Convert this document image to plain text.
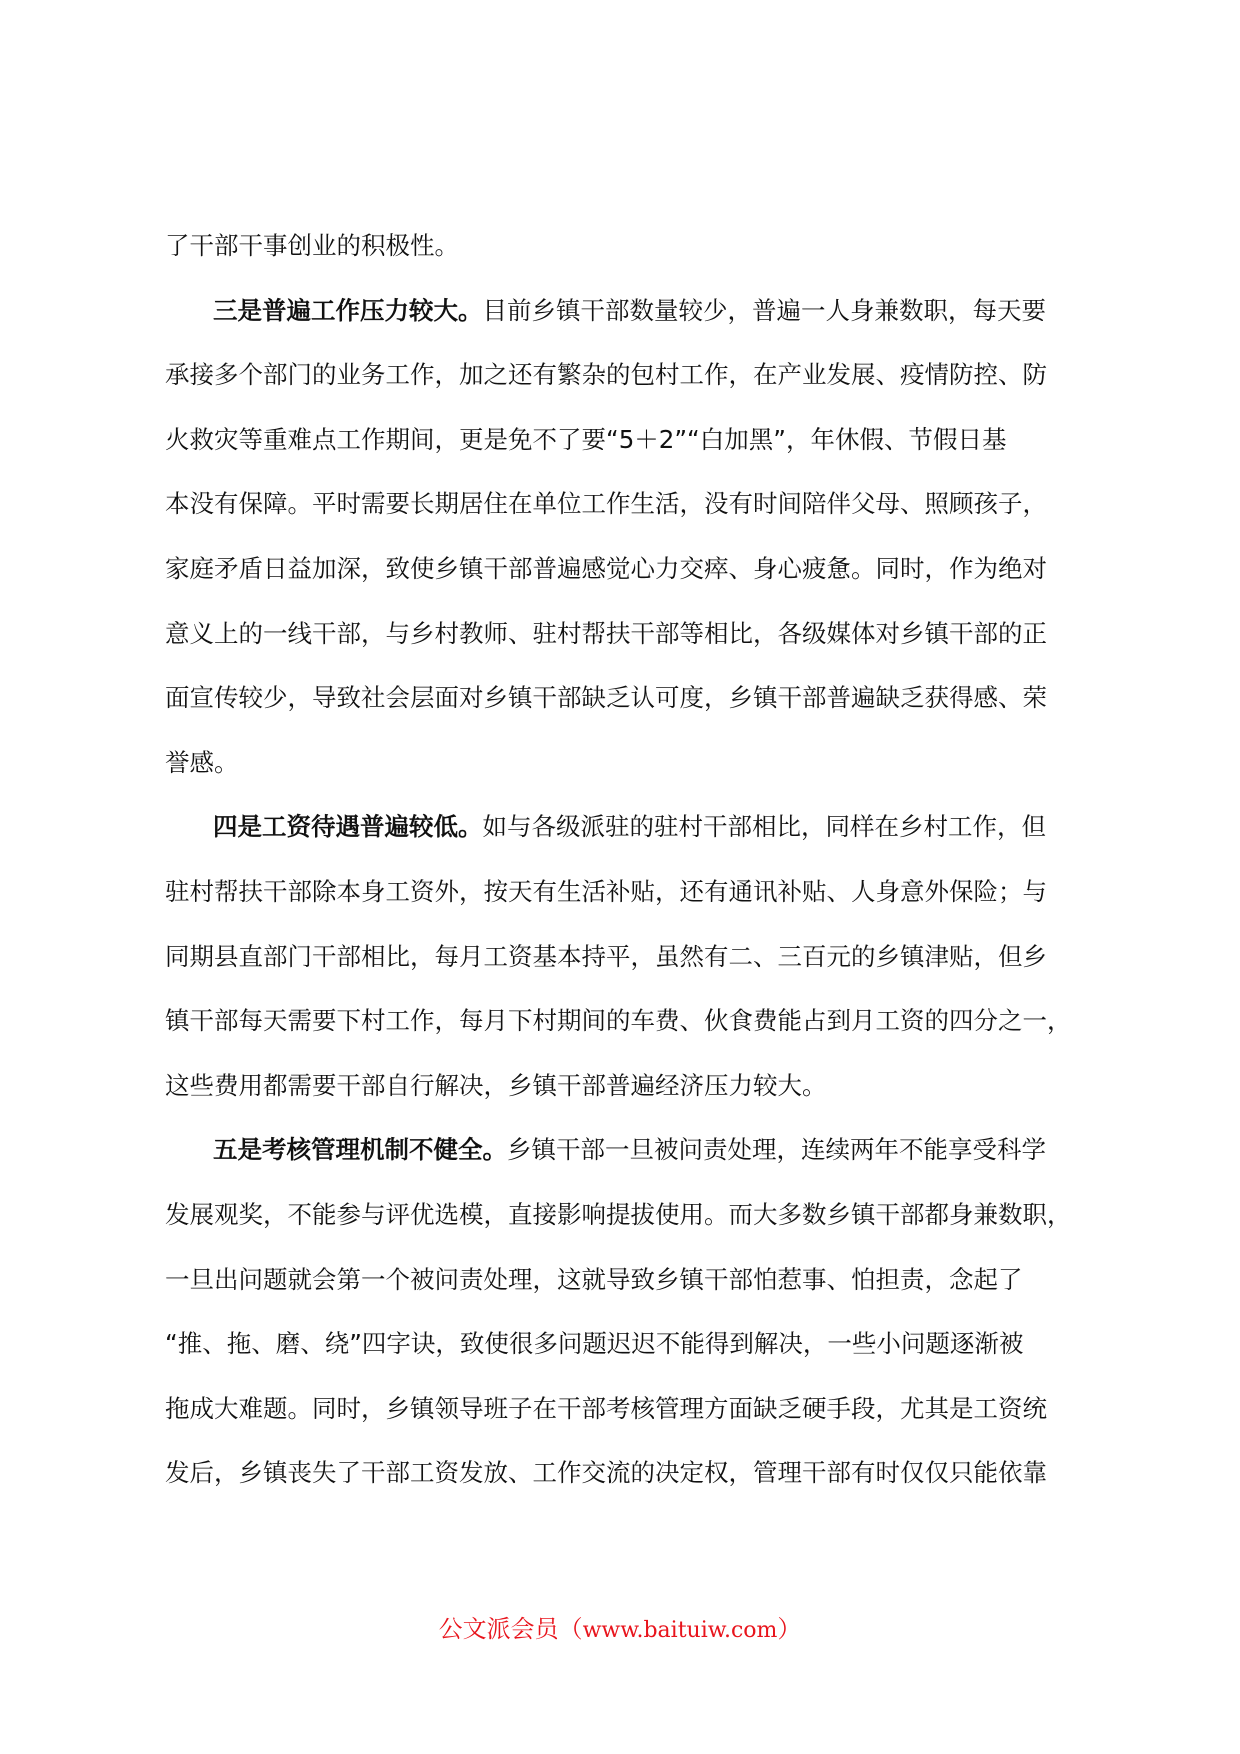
了干部干事创业的积极性。
三是普遍工作压力较大。目前乡镇干部数量较少，普遍一人身兼数职，每天要
承接多个部门的业务工作，加之还有繁杂的包村工作，在产业发展、疫情防控、防
火救灾等重难点工作期间，更是免不了要“5＋2”“白加黑”，年休假、节假日基
本没有保障。平时需要长期居住在单位工作生活，没有时间陪伴父母、照顾孩子，
家庭矛盾日益加深，致使乡镇干部普遍感觉心力交瘁、身心疲惫。同时，作为绝对
意义上的一线干部，与乡村教师、驻村帮扶干部等相比，各级媒体对乡镇干部的正
面宣传较少，导致社会层面对乡镇干部缺乏认可度，乡镇干部普遍缺乏获得感、荣
誉感。
四是工资待遇普遍较低。如与各级派驻的驻村干部相比，同样在乡村工作，但
驻村帮扶干部除本身工资外，按天有生活补贴，还有通讯补贴、人身意外保险；与
同期县直部门干部相比，每月工资基本持平，虽然有二、三百元的乡镇津贴，但乡
镇干部每天需要下村工作，每月下村期间的车费、伙食费能占到月工资的四分之一，
这些费用都需要干部自行解决，乡镇干部普遍经济压力较大。
五是考核管理机制不健全。乡镇干部一旦被问责处理，连续两年不能享受科学
发展观奖，不能参与评优选模，直接影响提拔使用。而大多数乡镇干部都身兼数职，
一旦出问题就会第一个被问责处理，这就导致乡镇干部怕惹事、怕担责，念起了
“推、拖、磨、绕”四字诀，致使很多问题迟迟不能得到解决，一些小问题逐渐被
拖成大难题。同时，乡镇领导班子在干部考核管理方面缺乏硬手段，尤其是工资统
发后，乡镇丧失了干部工资发放、工作交流的决定权，管理干部有时仅仅只能依靠
公文派会员（www.baituiw.com）
